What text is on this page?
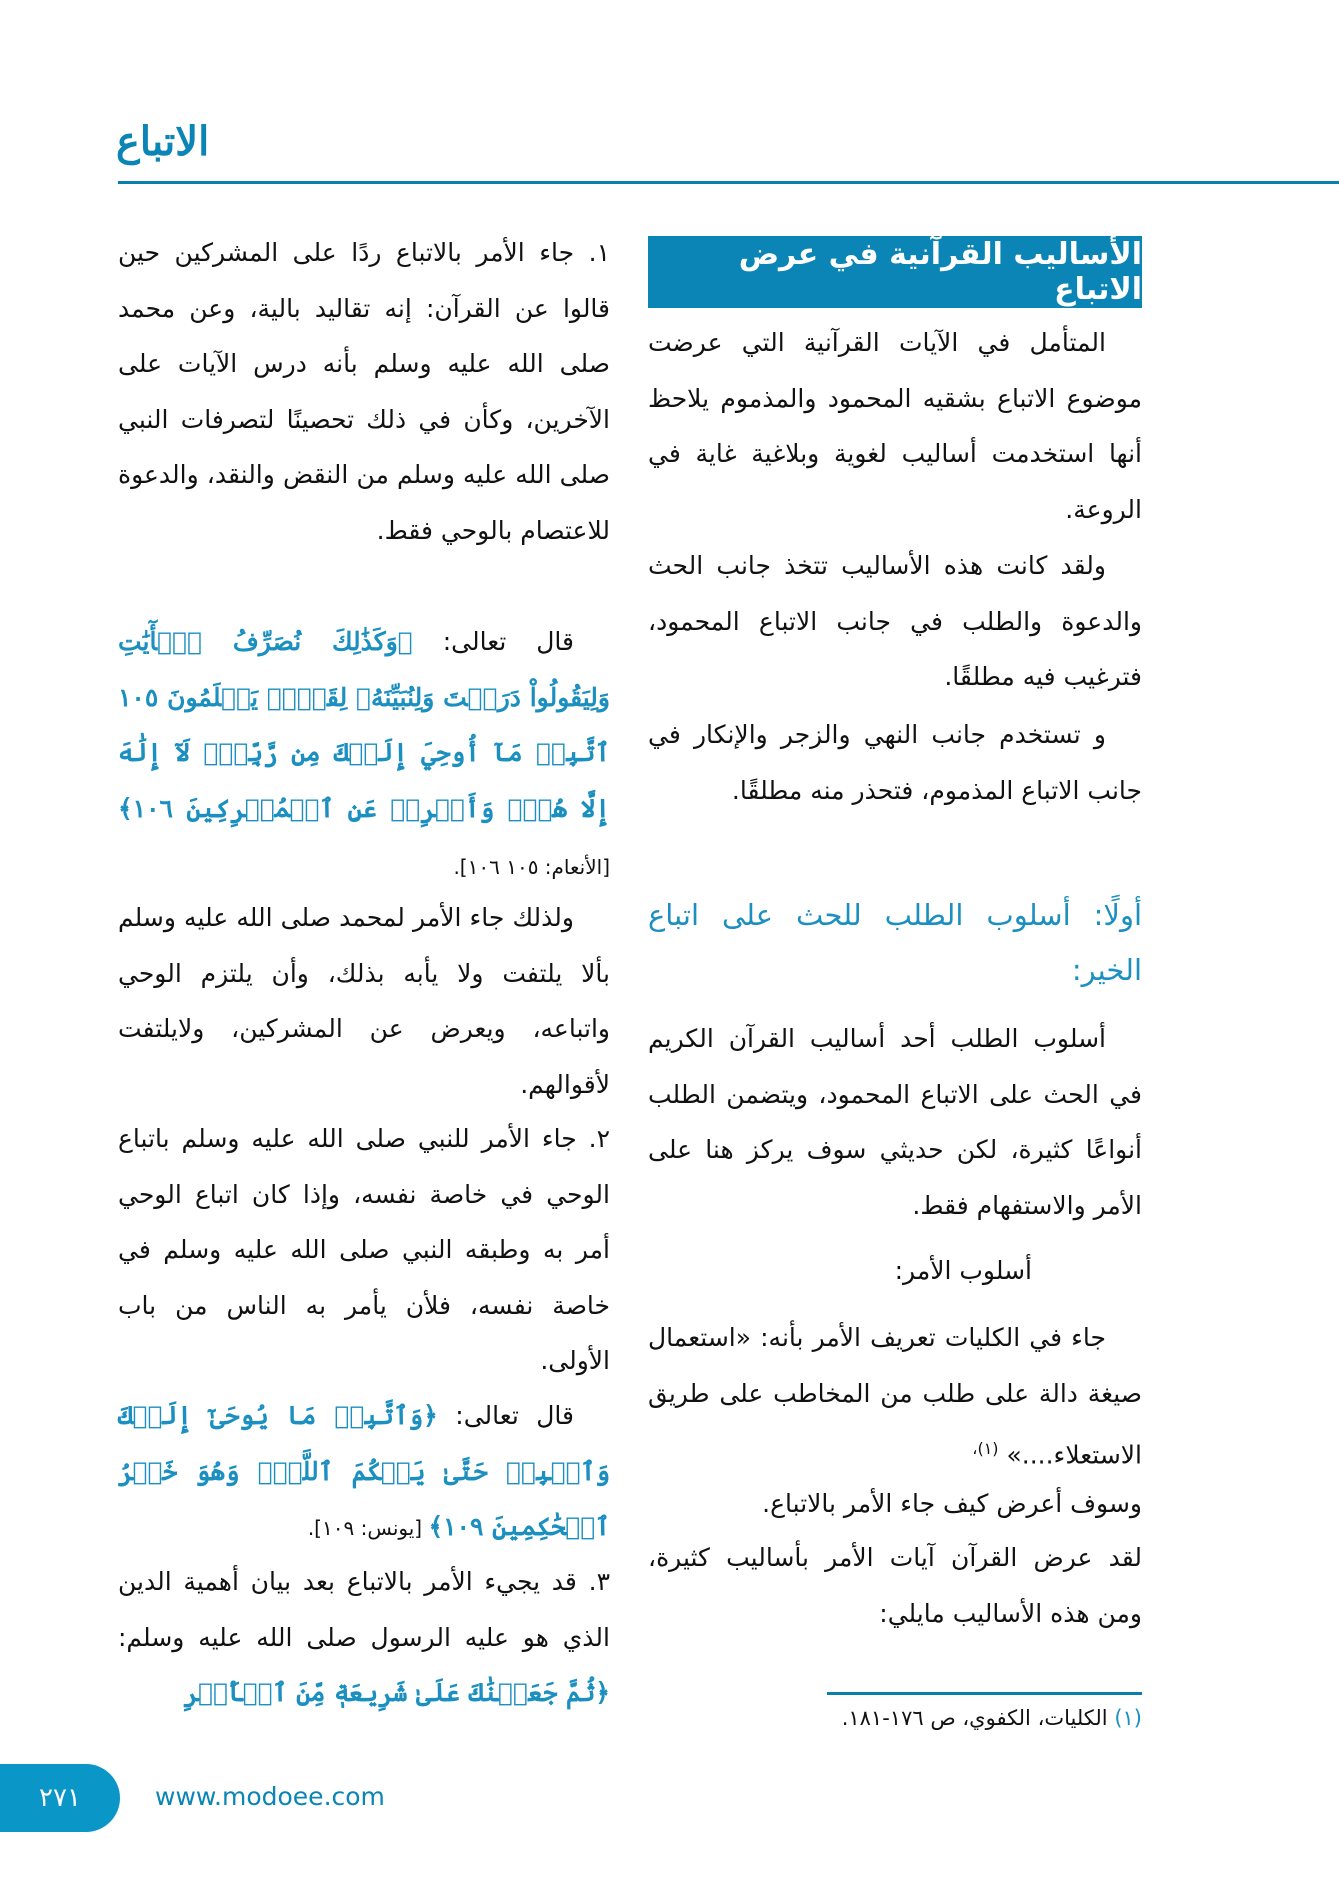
الاتباع
الأساليب القرآنية في عرض الاتباع

المتأمل في الآيات القرآنية التي عرضت موضوع الاتباع بشقيه المحمود والمذموم يلاحظ أنها استخدمت أساليب لغوية وبلاغية غاية في الروعة.

ولقد كانت هذه الأساليب تتخذ جانب الحث والدعوة والطلب في جانب الاتباع المحمود، فترغيب فيه مطلقًا.

و تستخدم جانب النهي والزجر والإنكار في جانب الاتباع المذموم، فتحذر منه مطلقًا.

أولًا: أسلوب الطلب للحث على اتباع الخير:

أسلوب الطلب أحد أساليب القرآن الكريم في الحث على الاتباع المحمود، ويتضمن الطلب أنواعًا كثيرة، لكن حديثي سوف يركز هنا على الأمر والاستفهام فقط.

أسلوب الأمر:

جاء في الكليات تعريف الأمر بأنه: «استعمال صيغة دالة على طلب من المخاطب على طريق الاستعلاء....» $^{(١)،}$

وسوف أعرض كيف جاء الأمر بالاتباع.

لقد عرض القرآن آيات الأمر بأساليب كثيرة، ومن هذه الأساليب مايلي:

١. جاء الأمر بالاتباع ردًا على المشركين حين قالوا عن القرآن: إنه تقاليد بالية، وعن محمد صلى الله عليه وسلم بأنه درس الآيات على الآخرين، وكأن في ذلك تحصينًا لتصرفات النبي صلى الله عليه وسلم من النقض والنقد، والدعوة للاعتصام بالوحي فقط.

قال تعالى: ﴿وَكَذَٰلِكَ نُصَرِّفُ ٱلۡأٓيَٰتِ وَلِيَقُولُواْ دَرَسۡتَ وَلِنُبَيِّنَهُۥ لِقَوۡمٖ يَعۡلَمُونَ ١٠٥ ٱتَّبِعۡ مَآ أُوحِيَ إِلَيۡكَ مِن رَّبِّكَۖ لَآ إِلَٰهَ إِلَّا هُوَۖ وَأَعۡرِضۡ عَنِ ٱلۡمُشۡرِكِينَ ١٠٦﴾ [الأنعام: ١٠٥ ١٠٦].

ولذلك جاء الأمر لمحمد صلى الله عليه وسلم بألا يلتفت ولا يأبه بذلك، وأن يلتزم الوحي واتباعه، ويعرض عن المشركين، ولايلتفت لأقوالهم.

٢. جاء الأمر للنبي صلى الله عليه وسلم باتباع الوحي في خاصة نفسه، وإذا كان اتباع الوحي أمر به وطبقه النبي صلى الله عليه وسلم في خاصة نفسه، فلأن يأمر به الناس من باب الأولى.

قال تعالى: ﴿وَٱتَّبِعۡ مَا يُوحَىٰٓ إِلَيۡكَ وَٱصۡبِرۡ حَتَّىٰ يَحۡكُمَ ٱللَّهُۚ وَهُوَ خَيۡرُ ٱلۡحَٰكِمِينَ ١٠٩﴾ [يونس: ١٠٩].

٣. قد يجيء الأمر بالاتباع بعد بيان أهمية الدين الذي هو عليه الرسول صلى الله عليه وسلم: ﴿ثُمَّ جَعَلۡنَٰكَ عَلَىٰ شَرِيعَةٖ مِّنَ ٱلۡأَمۡرِ

(١) الكليات، الكفوي، ص ١٧٦-١٨١.
٢٧١	www.modoee.com
